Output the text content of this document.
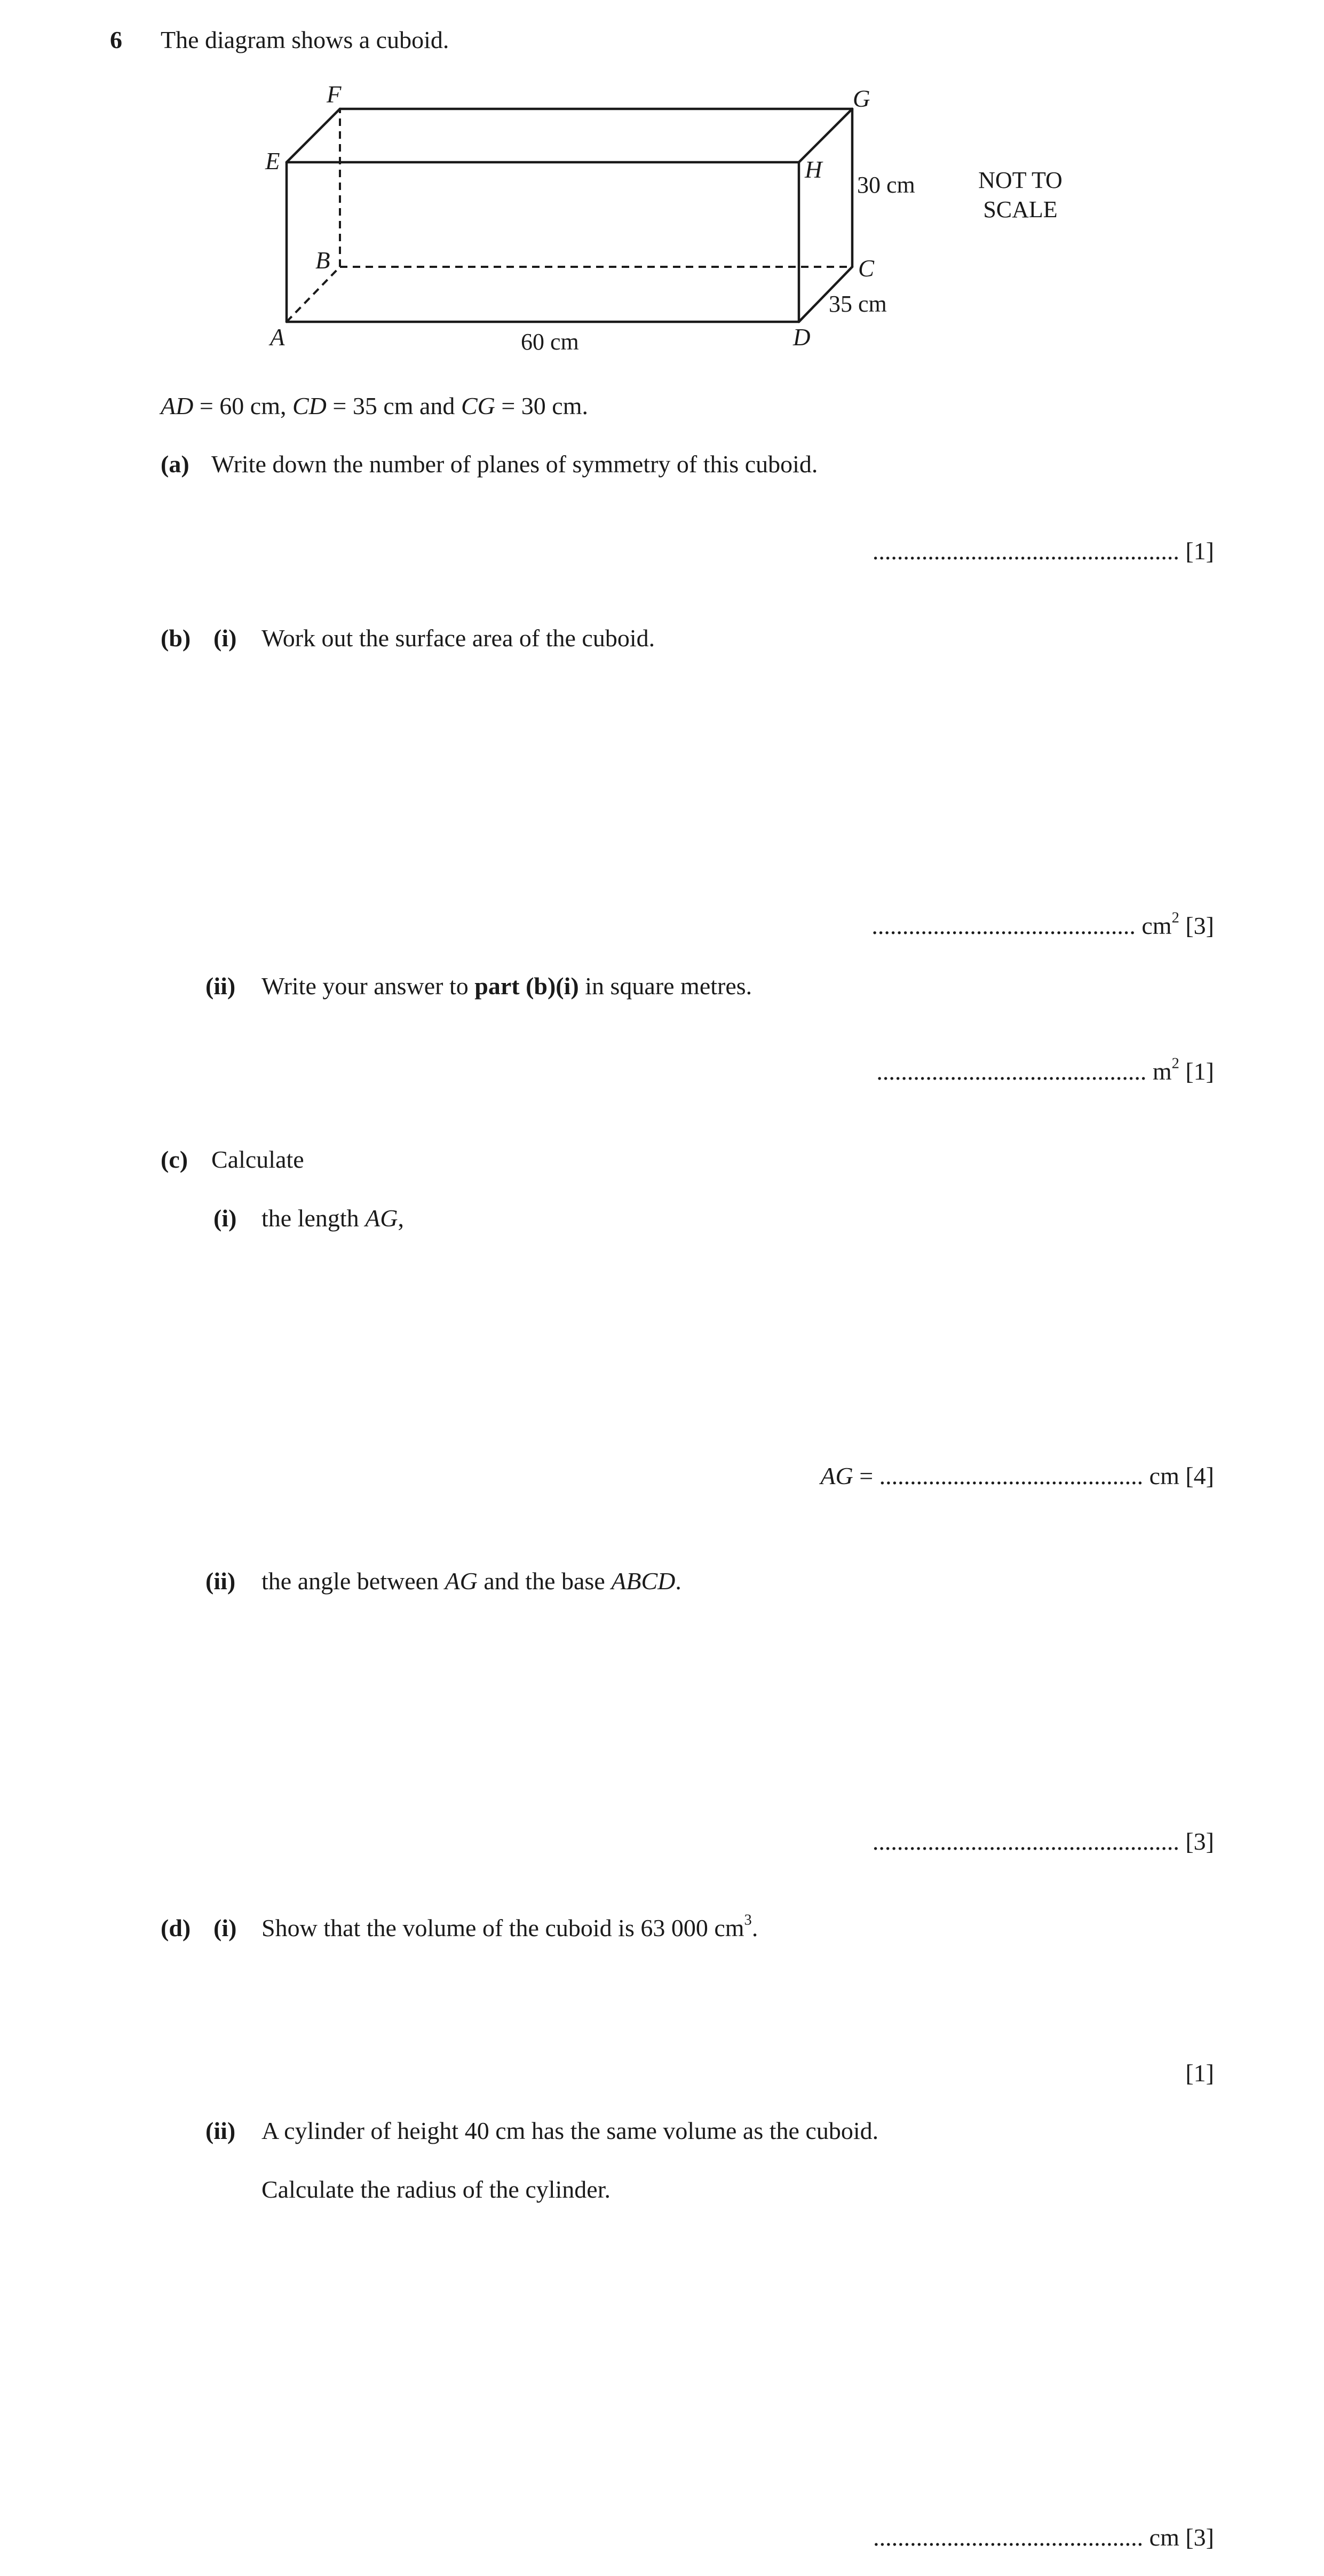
6 The diagram shows a cuboid.
F	G
E	H
B	C
A	D
30 cm
35 cm
60 cm
NOT TO
SCALE
AD = 60 cm, CD = 35 cm and CG = 30 cm.
(a) Write down the number of planes of symmetry of this cuboid.
.................................................. [1]
(b) (i) Work out the surface area of the cuboid.
........................................... $cm^2$ [3]
(ii) Write your answer to part (b)(i) in square metres.
............................................ $m^2$ [1]
(c) Calculate
(i) the length AG,
AG = ........................................... cm [4]
(ii) the angle between AG and the base ABCD.
.................................................. [3]
(d) (i) Show that the volume of the cuboid is 63 000 $cm^3$.
[1]
(ii) A cylinder of height 40 cm has the same volume as the cuboid.
Calculate the radius of the cylinder.
............................................ cm [3]
